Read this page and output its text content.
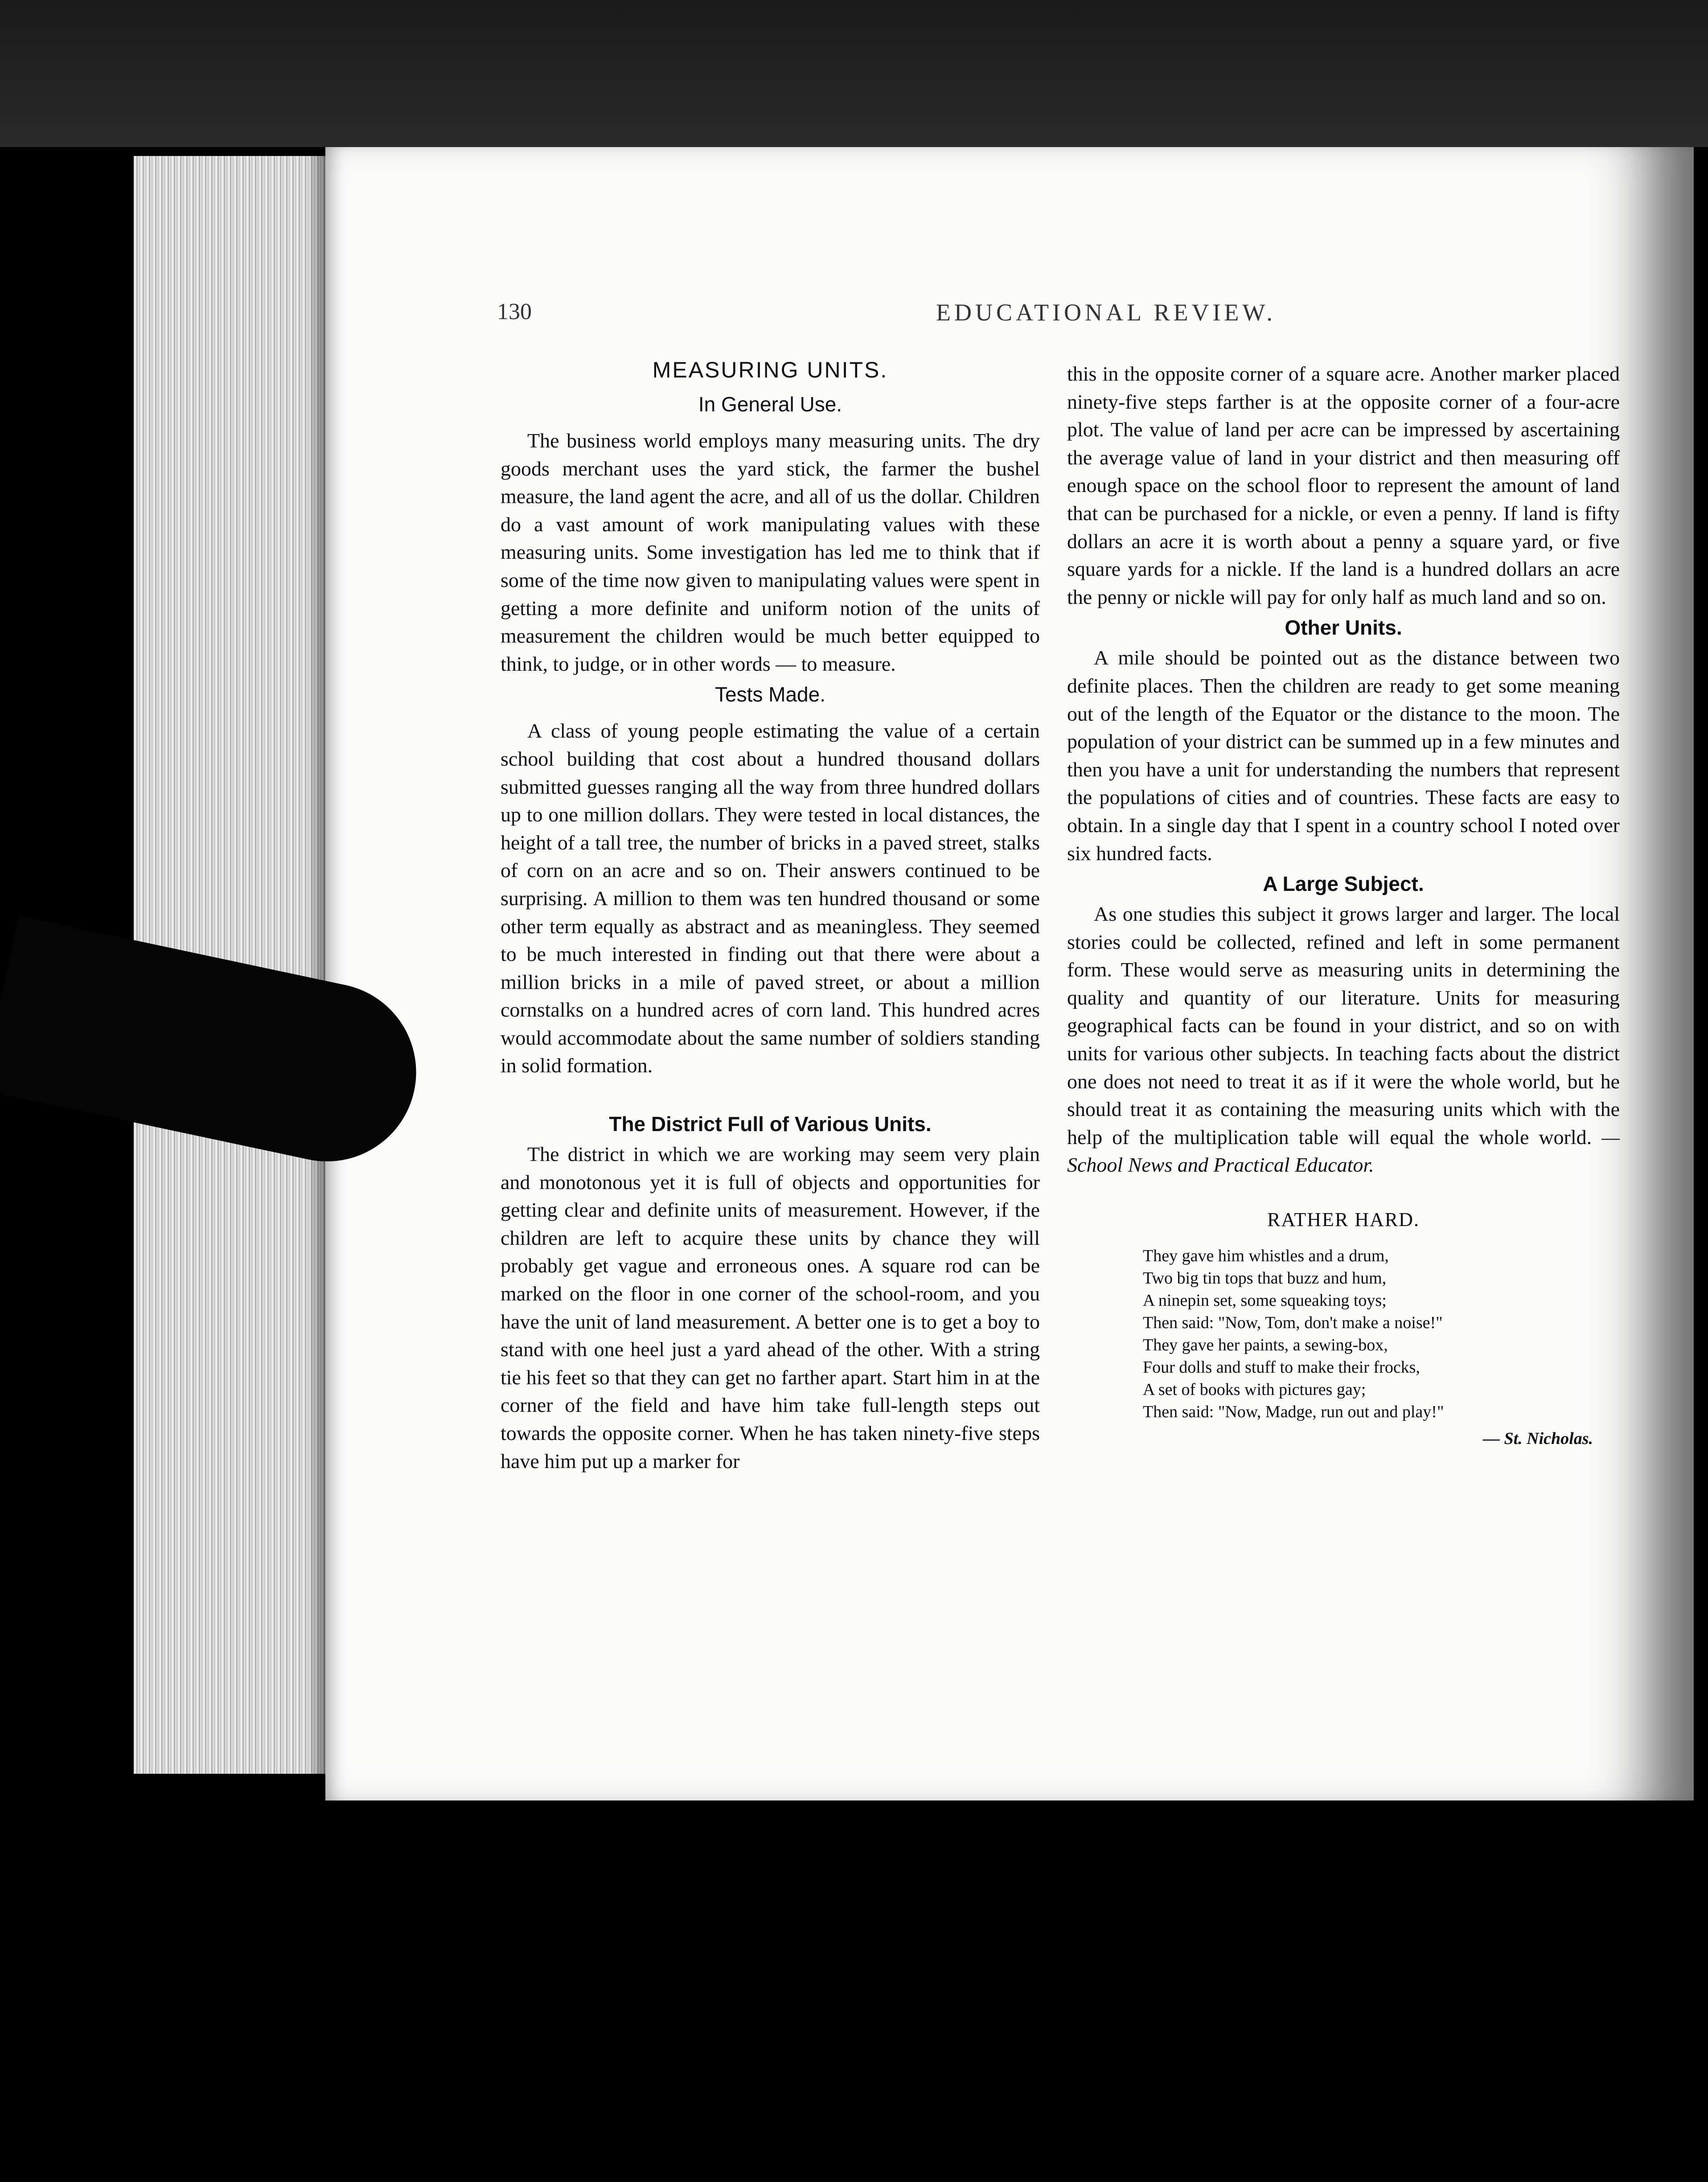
130	EDUCATIONAL REVIEW.
MEASURING UNITS.
In General Use.

The business world employs many measuring units. The dry goods merchant uses the yard stick, the farmer the bushel measure, the land agent the acre, and all of us the dollar. Children do a vast amount of work manipulating values with these measuring units. Some investigation has led me to think that if some of the time now given to manipulating values were spent in getting a more definite and uniform notion of the units of measurement the children would be much better equipped to think, to judge, or in other words — to measure.

Tests Made.

A class of young people estimating the value of a certain school building that cost about a hundred thousand dollars submitted guesses ranging all the way from three hundred dollars up to one million dollars. They were tested in local distances, the height of a tall tree, the number of bricks in a paved street, stalks of corn on an acre and so on. Their answers continued to be surprising. A million to them was ten hundred thousand or some other term equally as abstract and as meaningless. They seemed to be much interested in finding out that there were about a million bricks in a mile of paved street, or about a million cornstalks on a hundred acres of corn land. This hundred acres would accommodate about the same number of soldiers standing in solid formation.

The District Full of Various Units.

The district in which we are working may seem very plain and monotonous yet it is full of objects and opportunities for getting clear and definite units of measurement. However, if the children are left to acquire these units by chance they will probably get vague and erroneous ones. A square rod can be marked on the floor in one corner of the school-room, and you have the unit of land measurement. A better one is to get a boy to stand with one heel just a yard ahead of the other. With a string tie his feet so that they can get no farther apart. Start him in at the corner of the field and have him take full-length steps out towards the opposite corner. When he has taken ninety-five steps have him put up a marker for

this in the opposite corner of a square acre. Another marker placed ninety-five steps farther is at the opposite corner of a four-acre plot. The value of land per acre can be impressed by ascertaining the average value of land in your district and then measuring off enough space on the school floor to represent the amount of land that can be purchased for a nickle, or even a penny. If land is fifty dollars an acre it is worth about a penny a square yard, or five square yards for a nickle. If the land is a hundred dollars an acre the penny or nickle will pay for only half as much land and so on.

Other Units.

A mile should be pointed out as the distance between two definite places. Then the children are ready to get some meaning out of the length of the Equator or the distance to the moon. The population of your district can be summed up in a few minutes and then you have a unit for understanding the numbers that represent the populations of cities and of countries. These facts are easy to obtain. In a single day that I spent in a country school I noted over six hundred facts.

A Large Subject.

As one studies this subject it grows larger and larger. The local stories could be collected, refined and left in some permanent form. These would serve as measuring units in determining the quality and quantity of our literature. Units for measuring geographical facts can be found in your district, and so on with units for various other subjects. In teaching facts about the district one does not need to treat it as if it were the whole world, but he should treat it as containing the measuring units which with the help of the multiplication table will equal the whole world. —School News and Practical Educator.

RATHER HARD.
They gave him whistles and a drum,
Two big tin tops that buzz and hum,
A ninepin set, some squeaking toys;
Then said: "Now, Tom, don't make a noise!"
They gave her paints, a sewing-box,
Four dolls and stuff to make their frocks,
A set of books with pictures gay;
Then said: "Now, Madge, run out and play!"
— St. Nicholas.
